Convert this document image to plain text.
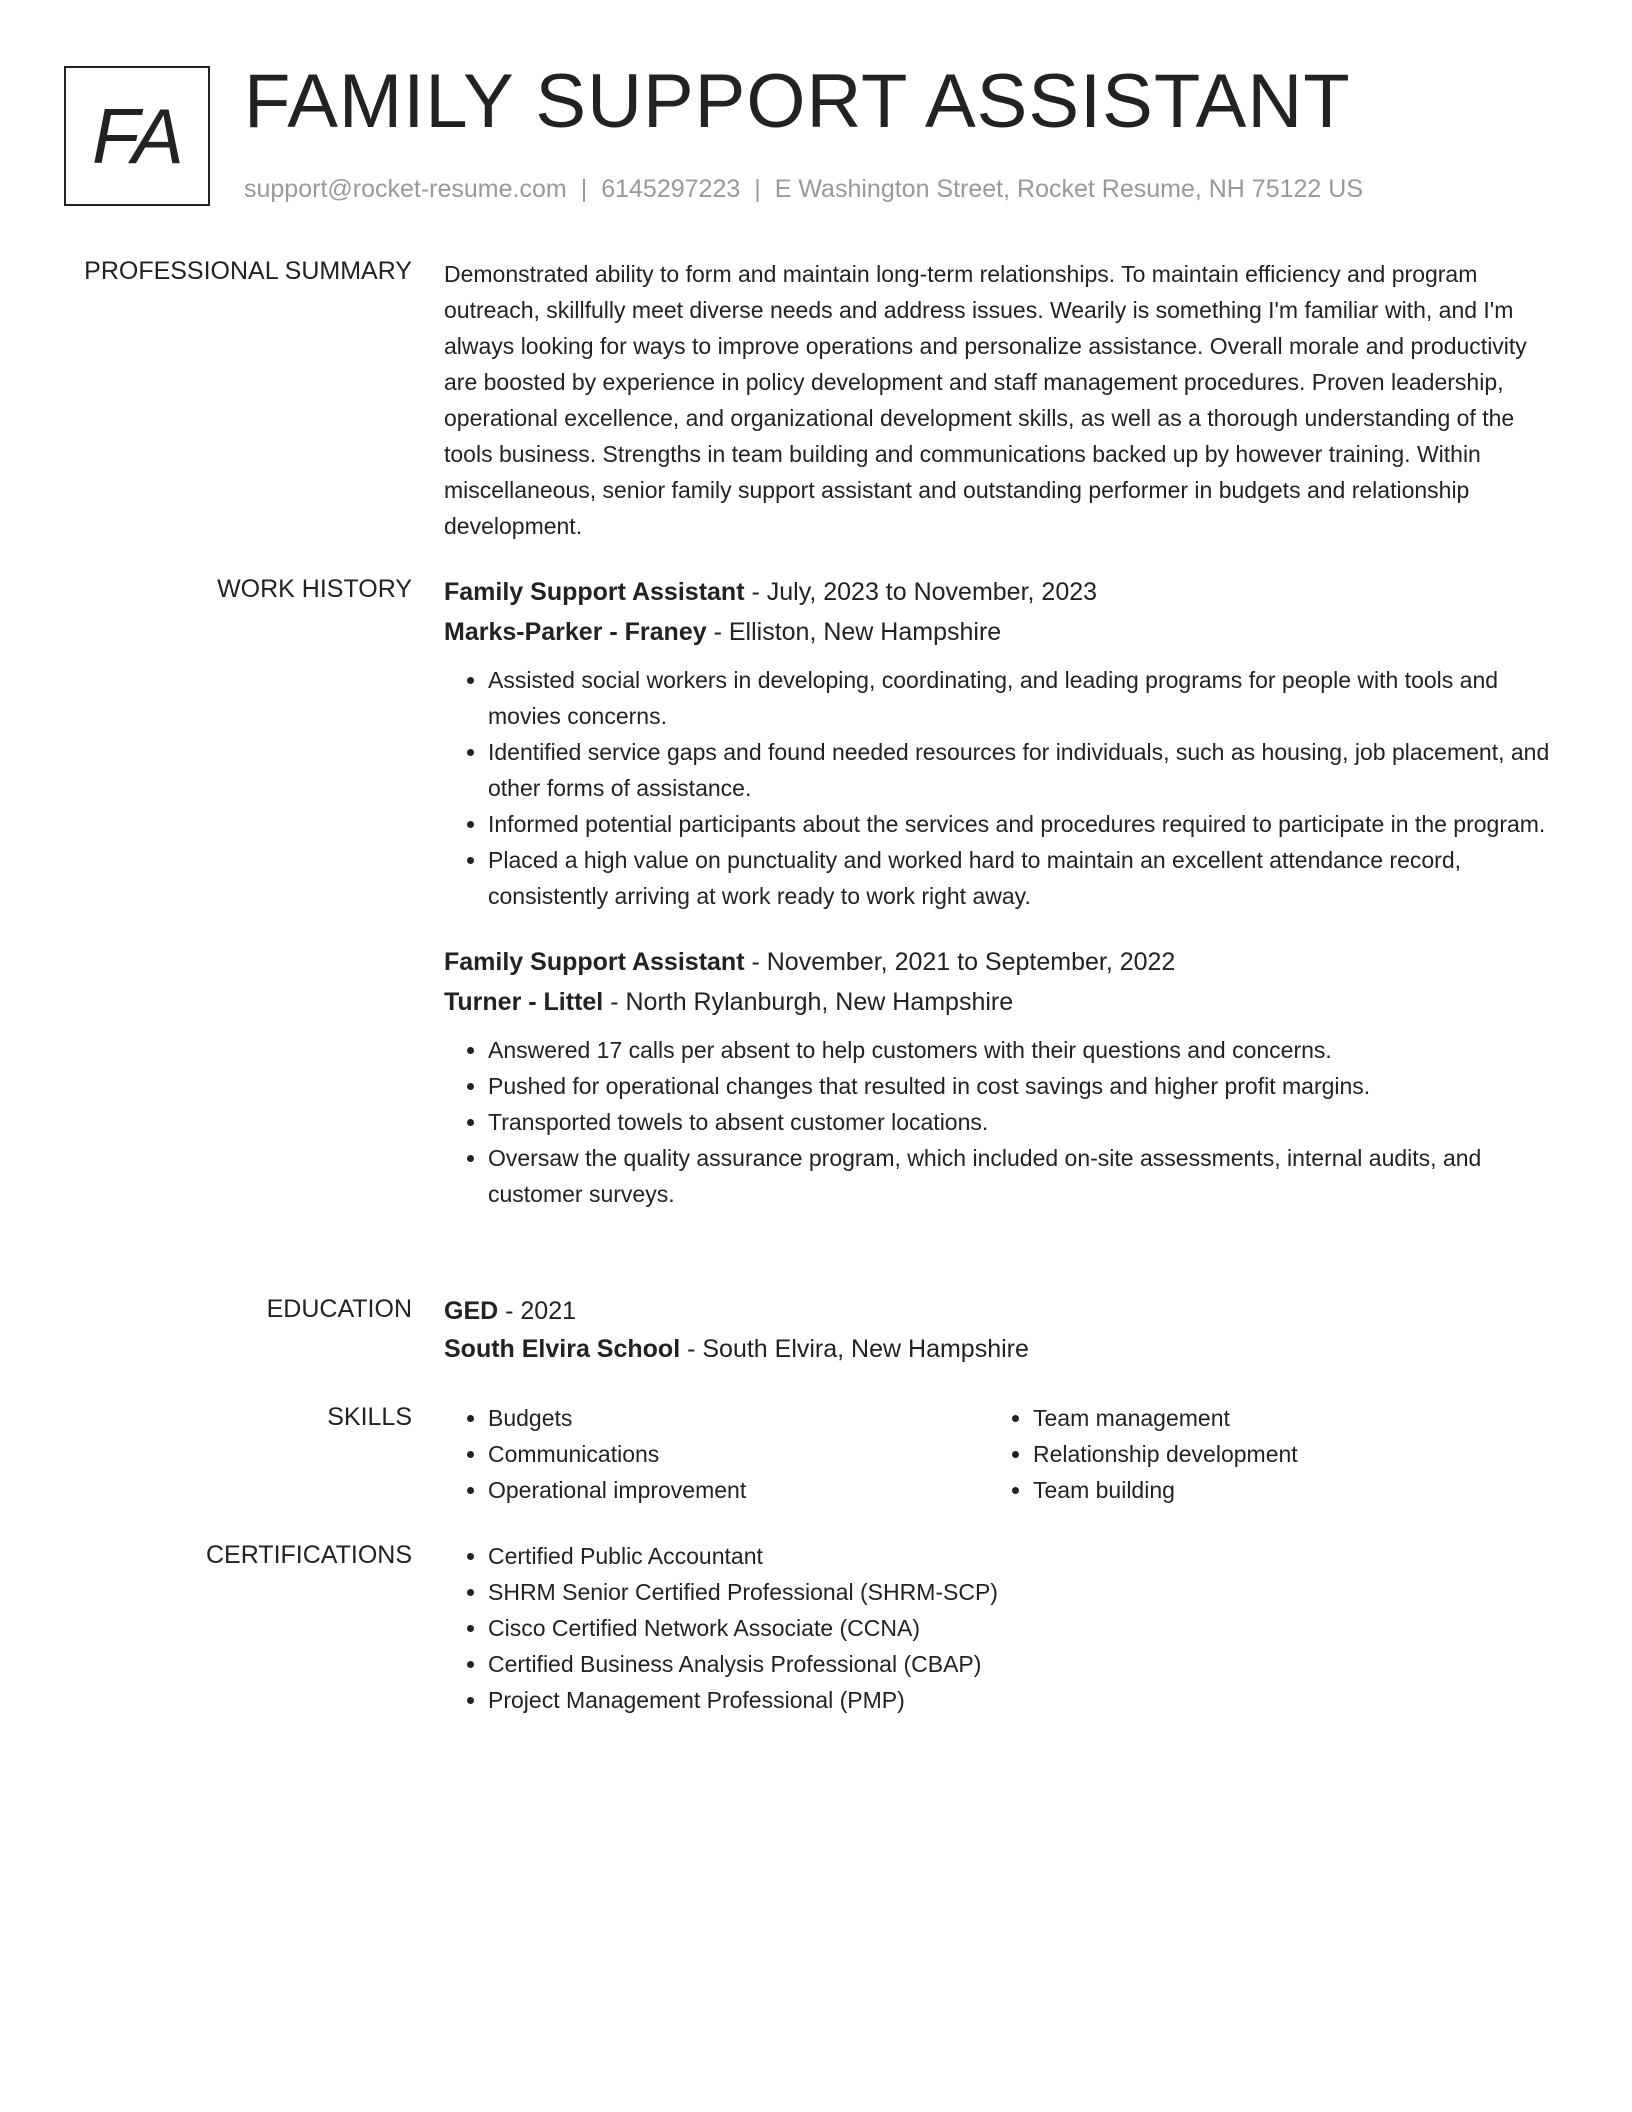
FA FAMILY SUPPORT ASSISTANT
support@rocket-resume.com | 6145297223 | E Washington Street, Rocket Resume, NH 75122 US
PROFESSIONAL SUMMARY Demonstrated ability to form and maintain long-term relationships. To maintain efficiency and program outreach, skillfully meet diverse needs and address issues. Wearily is something I'm familiar with, and I'm always looking for ways to improve operations and personalize assistance. Overall morale and productivity are boosted by experience in policy development and staff management procedures. Proven leadership, operational excellence, and organizational development skills, as well as a thorough understanding of the tools business. Strengths in team building and communications backed up by however training. Within miscellaneous, senior family support assistant and outstanding performer in budgets and relationship development.

WORK HISTORY Family Support Assistant - July, 2023 to November, 2023

Marks-Parker - Franey - Elliston, New Hampshire

• Assisted social workers in developing, coordinating, and leading programs for people with tools and movies concerns.
• Identified service gaps and found needed resources for individuals, such as housing, job placement, and other forms of assistance.
• Informed potential participants about the services and procedures required to participate in the program.
• Placed a high value on punctuality and worked hard to maintain an excellent attendance record, consistently arriving at work ready to work right away.

Family Support Assistant - November, 2021 to September, 2022

Turner - Littel - North Rylanburgh, New Hampshire

• Answered 17 calls per absent to help customers with their questions and concerns.
• Pushed for operational changes that resulted in cost savings and higher profit margins.
• Transported towels to absent customer locations.
• Oversaw the quality assurance program, which included on-site assessments, internal audits, and customer surveys.
EDUCATION GED - 2021

South Elvira School - South Elvira, New Hampshire

SKILLS	• Budgets
• Communications
• Operational improvement
• Team management
• Relationship development
• Team building
CERTIFICATIONS	• Certified Public Accountant
• SHRM Senior Certified Professional (SHRM-SCP)
• Cisco Certified Network Associate (CCNA)
• Certified Business Analysis Professional (CBAP)
• Project Management Professional (PMP)
